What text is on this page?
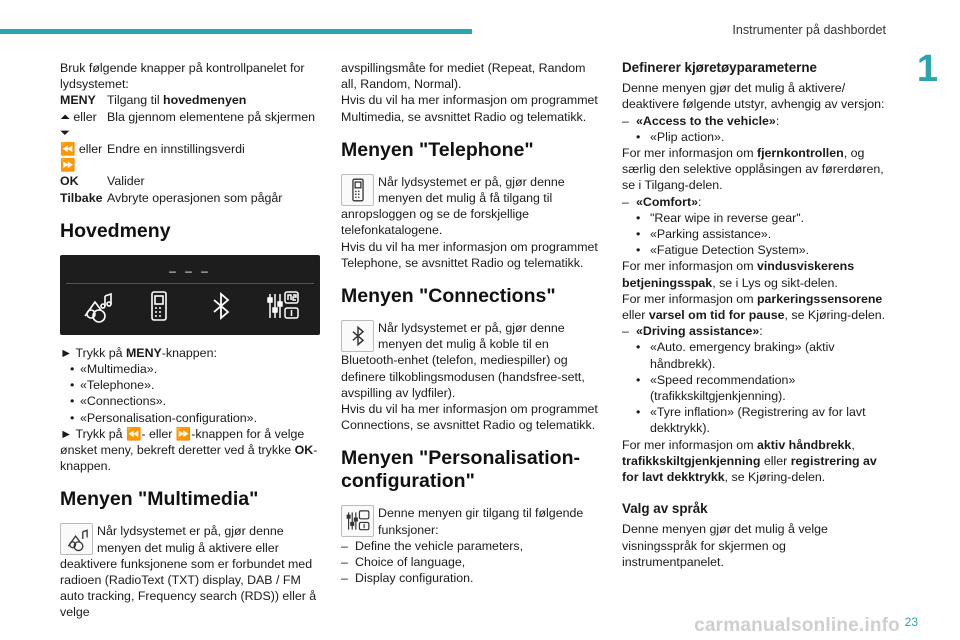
Instrumenter på dashbordet
1
carmanualsonline.info 23

Bruk følgende knapper på kontrollpanelet for lydsystemet:

MENY Tilgang til hovedmenyen
⏶ eller Bla gjennom elementene på skjermen
⏷
⏪ eller Endre en innstillingsverdi
⏩
OK	Valider
Tilbake Avbryte operasjonen som pågår
Hovedmeny
– – –

► Trykk på MENY-knappen:

• «Multimedia».
• «Telephone».
• «Connections».
• «Personalisation-configuration».

► Trykk på ⏪- eller ⏩-knappen for å velge ønsket meny, bekreft deretter ved å trykke OK-knappen.

Menyen "Multimedia"

Når lydsystemet er på, gjør denne menyen det mulig å aktivere eller deaktivere funksjonene som er forbundet med radioen (RadioText (TXT) display, DAB / FM auto tracking, Frequency search (RDS)) eller å velge

avspillingsmåte for mediet (Repeat, Random all, Random, Normal).

Hvis du vil ha mer informasjon om programmet Multimedia, se avsnittet Radio og telematikk.

Menyen "Telephone"

Når lydsystemet er på, gjør denne menyen det mulig å få tilgang til anropsloggen og se de forskjellige telefonkatalogene.

Hvis du vil ha mer informasjon om programmet Telephone, se avsnittet Radio og telematikk.

Menyen "Connections"

Når lydsystemet er på, gjør denne menyen det mulig å koble til en Bluetooth-enhet (telefon, mediespiller) og definere tilkoblingsmodusen (handsfree-sett, avspilling av lydfiler).

Hvis du vil ha mer informasjon om programmet Connections, se avsnittet Radio og telematikk.

Menyen "Personalisation-configuration"

Denne menyen gir tilgang til følgende funksjoner:

– Define the vehicle parameters,
– Choice of language,
– Display configuration.
Definerer kjøretøyparameterne

Denne menyen gjør det mulig å aktivere/ deaktivere følgende utstyr, avhengig av versjon:

– «Access to the vehicle»:
• «Plip action».

For mer informasjon om fjernkontrollen, og særlig den selektive opplåsingen av førerdøren, se i Tilgang-delen.

– «Comfort»:
• "Rear wipe in reverse gear".
• «Parking assistance».
• «Fatigue Detection System».

For mer informasjon om vindusviskerens betjeningsspak, se i Lys og sikt-delen.

For mer informasjon om parkeringssensorene eller varsel om tid for pause, se Kjøring-delen.

– «Driving assistance»:
• «Auto. emergency braking» (aktiv håndbrekk).
• «Speed recommendation» (trafikkskiltgjenkjenning).
• «Tyre inflation» (Registrering av for lavt dekktrykk).

For mer informasjon om aktiv håndbrekk, trafikkskiltgjenkjenning eller registrering av for lavt dekktrykk, se Kjøring-delen.

Valg av språk

Denne menyen gjør det mulig å velge visningsspråk for skjermen og instrumentpanelet.
